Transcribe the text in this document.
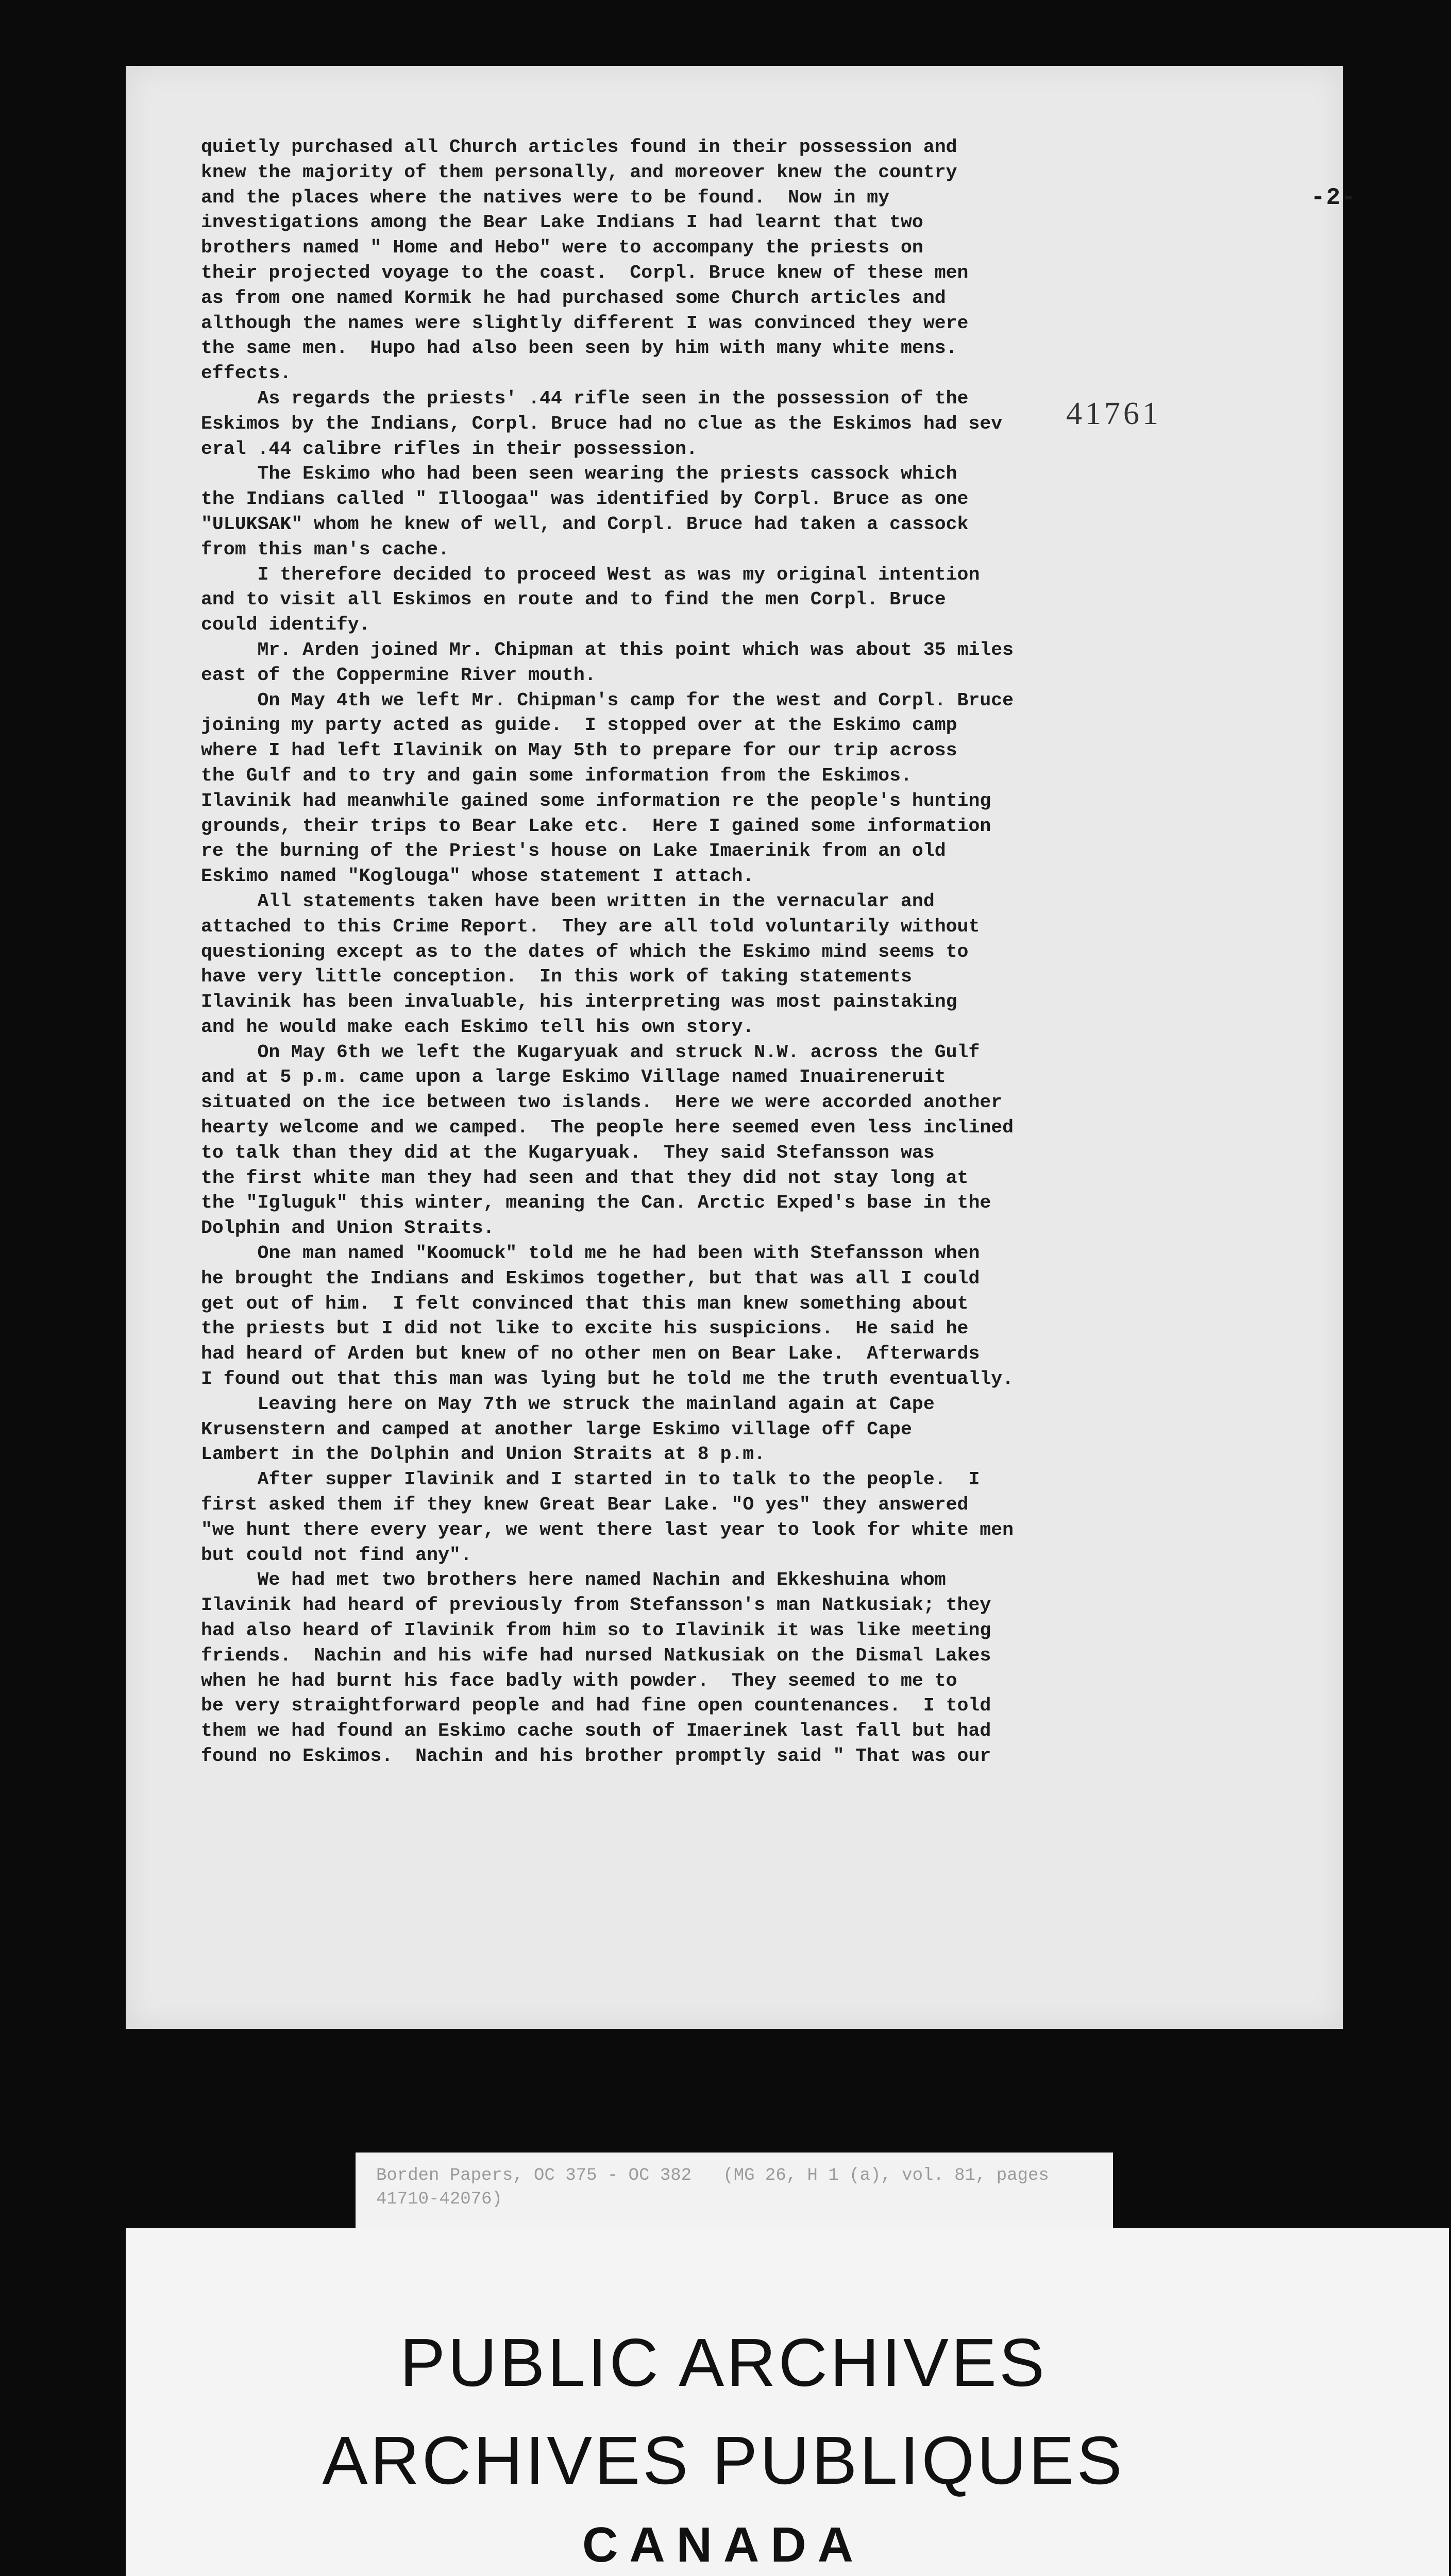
-2-
41761
quietly purchased all Church articles found in their possession and
knew the majority of them personally, and moreover knew the country
and the places where the natives were to be found.  Now in my
investigations among the Bear Lake Indians I had learnt that two
brothers named " Home and Hebo" were to accompany the priests on
their projected voyage to the coast.  Corpl. Bruce knew of these men
as from one named Kormik he had purchased some Church articles and
although the names were slightly different I was convinced they were
the same men.  Hupo had also been seen by him with many white mens.
effects.
As regards the priests' .44 rifle seen in the possession of the
Eskimos by the Indians, Corpl. Bruce had no clue as the Eskimos had sev
eral .44 calibre rifles in their possession.
The Eskimo who had been seen wearing the priests cassock which
the Indians called " Illoogaa" was identified by Corpl. Bruce as one
"ULUKSAK" whom he knew of well, and Corpl. Bruce had taken a cassock
from this man's cache.
I therefore decided to proceed West as was my original intention
and to visit all Eskimos en route and to find the men Corpl. Bruce
could identify.
Mr. Arden joined Mr. Chipman at this point which was about 35 miles
east of the Coppermine River mouth.
On May 4th we left Mr. Chipman's camp for the west and Corpl. Bruce
joining my party acted as guide.  I stopped over at the Eskimo camp
where I had left Ilavinik on May 5th to prepare for our trip across
the Gulf and to try and gain some information from the Eskimos.
Ilavinik had meanwhile gained some information re the people's hunting
grounds, their trips to Bear Lake etc.  Here I gained some information
re the burning of the Priest's house on Lake Imaerinik from an old
Eskimo named "Koglouga" whose statement I attach.
All statements taken have been written in the vernacular and
attached to this Crime Report.  They are all told voluntarily without
questioning except as to the dates of which the Eskimo mind seems to
have very little conception.  In this work of taking statements
Ilavinik has been invaluable, his interpreting was most painstaking
and he would make each Eskimo tell his own story.
On May 6th we left the Kugaryuak and struck N.W. across the Gulf
and at 5 p.m. came upon a large Eskimo Village named Inuaireneruit
situated on the ice between two islands.  Here we were accorded another
hearty welcome and we camped.  The people here seemed even less inclined
to talk than they did at the Kugaryuak.  They said Stefansson was
the first white man they had seen and that they did not stay long at
the "Igluguk" this winter, meaning the Can. Arctic Exped's base in the
Dolphin and Union Straits.
One man named "Koomuck" told me he had been with Stefansson when
he brought the Indians and Eskimos together, but that was all I could
get out of him.  I felt convinced that this man knew something about
the priests but I did not like to excite his suspicions.  He said he
had heard of Arden but knew of no other men on Bear Lake.  Afterwards
I found out that this man was lying but he told me the truth eventually.
Leaving here on May 7th we struck the mainland again at Cape
Krusenstern and camped at another large Eskimo village off Cape
Lambert in the Dolphin and Union Straits at 8 p.m.
After supper Ilavinik and I started in to talk to the people.  I
first asked them if they knew Great Bear Lake. "O yes" they answered
"we hunt there every year, we went there last year to look for white men
but could not find any".
We had met two brothers here named Nachin and Ekkeshuina whom
Ilavinik had heard of previously from Stefansson's man Natkusiak; they
had also heard of Ilavinik from him so to Ilavinik it was like meeting
friends.  Nachin and his wife had nursed Natkusiak on the Dismal Lakes
when he had burnt his face badly with powder.  They seemed to me to
be very straightforward people and had fine open countenances.  I told
them we had found an Eskimo cache south of Imaerinek last fall but had
found no Eskimos.  Nachin and his brother promptly said " That was our

Borden Papers, OC 375 - OC 382   (MG 26, H 1 (a), vol. 81, pages 41710-42076)
PUBLIC ARCHIVES
ARCHIVES PUBLIQUES
CANADA
